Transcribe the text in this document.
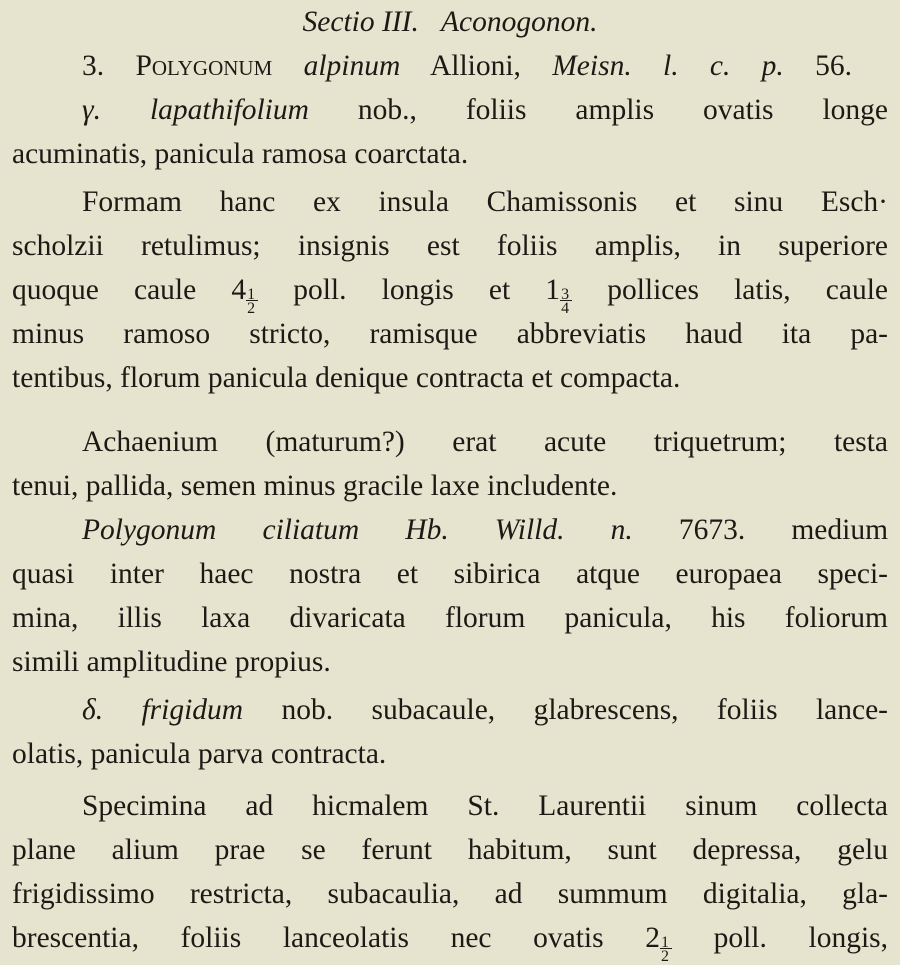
Sectio III. Aconogonon.
3. Polygonum alpinum Allioni, Meisn. l. c. p. 56.
γ. lapathifolium nob., foliis amplis ovatis longe
acuminatis, panicula ramosa coarctata.
Formam hanc ex insula Chamissonis et sinu Esch·
scholzii retulimus; insignis est foliis amplis, in superiore
quoque caule 4
$\frac{1}{2}$
poll. longis et 1
$\frac{3}{4}$
pollices latis, caule
minus ramoso stricto, ramisque abbreviatis haud ita pa-
tentibus, florum panicula denique contracta et compacta.
Achaenium (maturum?) erat acute triquetrum; testa
tenui, pallida, semen minus gracile laxe includente.
Polygonum ciliatum Hb. Willd. n. 7673. medium
quasi inter haec nostra et sibirica atque europaea speci-
mina, illis laxa divaricata florum panicula, his foliorum
simili amplitudine propius.
δ. frigidum nob. subacaule, glabrescens, foliis lance-
olatis, panicula parva contracta.
Specimina ad hicmalem St. Laurentii sinum collecta
plane alium prae se ferunt habitum, sunt depressa, gelu
frigidissimo restricta, subacaulia, ad summum digitalia, gla-
brescentia, foliis lanceolatis nec ovatis 2
$\frac{1}{2}$
poll. longis,
